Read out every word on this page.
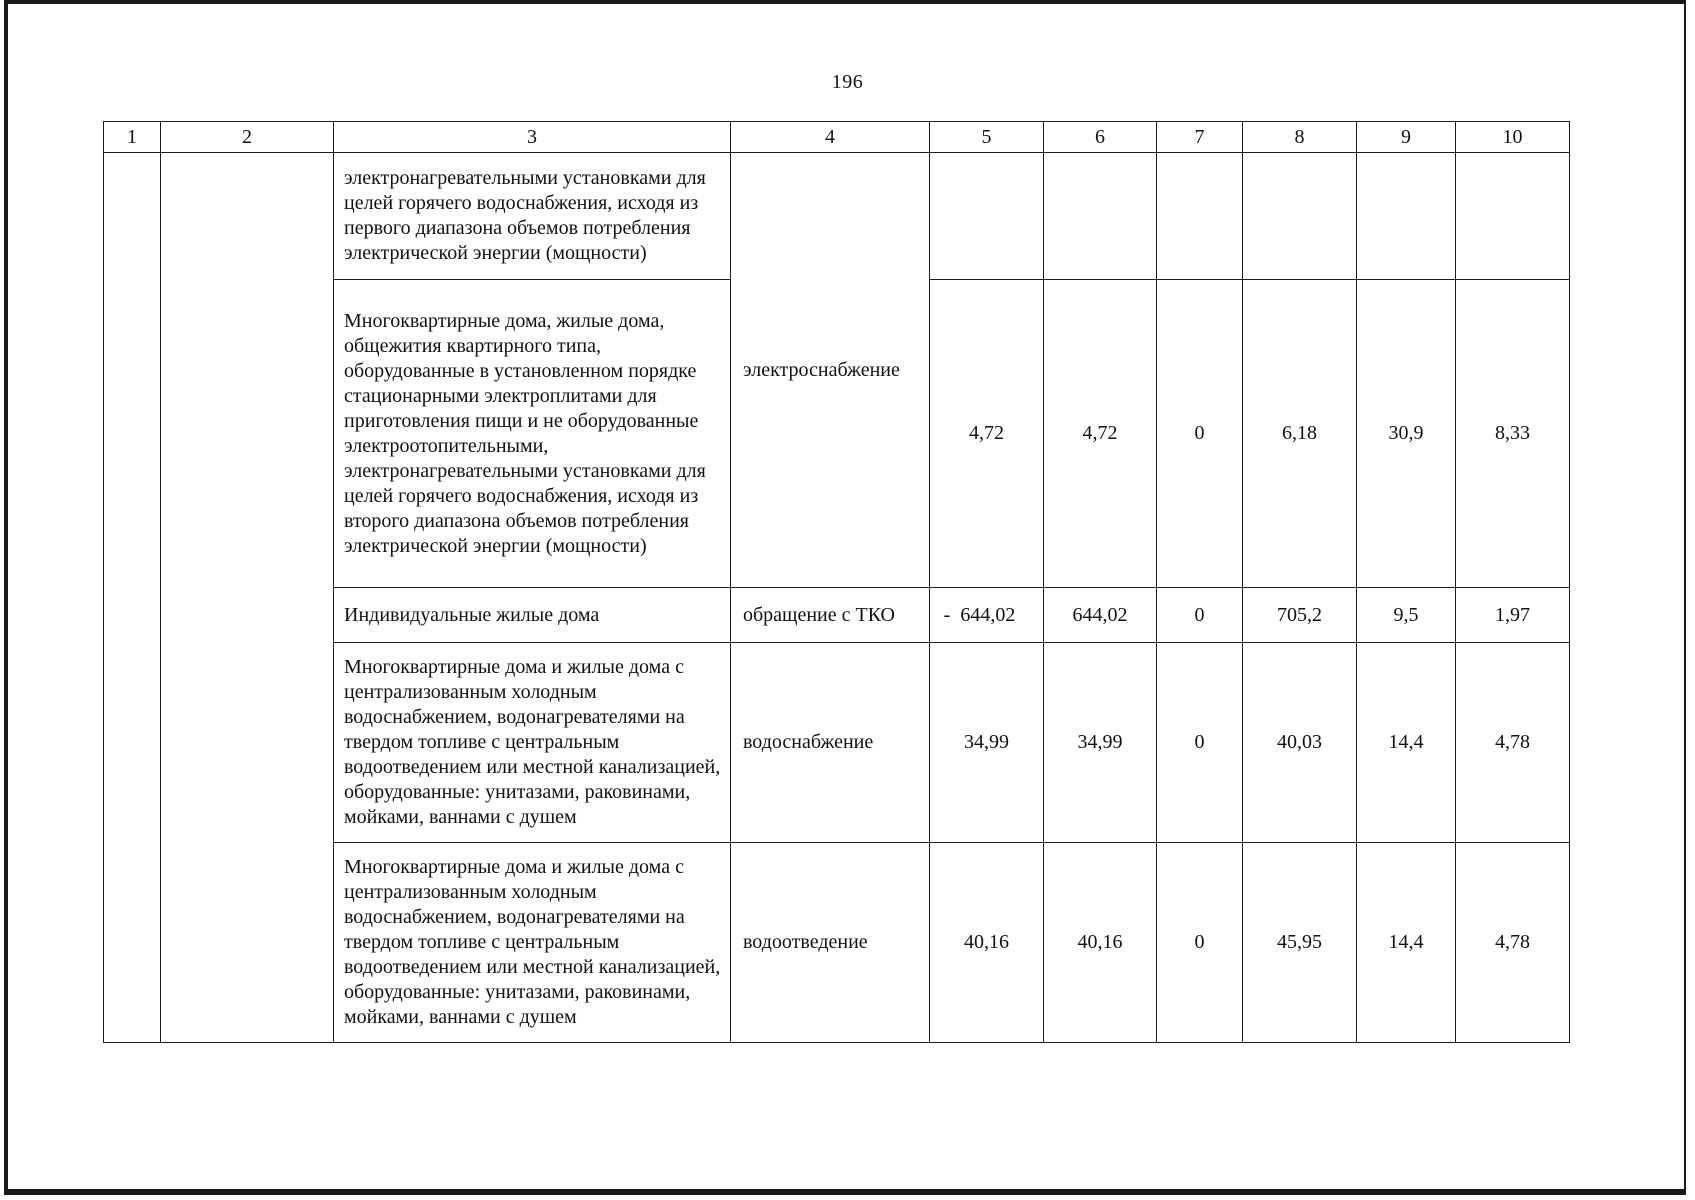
196
1	2	3	4	5	6	7	8	9	10
		электронагревательными установками для целей горячего водоснабжения, исходя из первого диапазона объемов потребления электрической энергии (мощности)	электроснабжение						
		Многоквартирные дома, жилые дома, общежития квартирного типа, оборудованные в установленном порядке стационарными электроплитами для приготовления пищи и не оборудованные электроотопительными, электронагревательными установками для целей горячего водоснабжения, исходя из второго диапазона объемов потребления электрической энергии (мощности)		4,72	4,72	0	6,18	30,9	8,33
		Индивидуальные жилые дома	обращение с ТКО	- 644,02	644,02	0	705,2	9,5	1,97
		Многоквартирные дома и жилые дома с централизованным холодным водоснабжением, водонагревателями на твердом топливе с центральным водоотведением или местной канализацией, оборудованные: унитазами, раковинами, мойками, ваннами с душем	водоснабжение	34,99	34,99	0	40,03	14,4	4,78
		Многоквартирные дома и жилые дома с централизованным холодным водоснабжением, водонагревателями на твердом топливе с центральным водоотведением или местной канализацией, оборудованные: унитазами, раковинами, мойками, ваннами с душем	водоотведение	40,16	40,16	0	45,95	14,4	4,78
